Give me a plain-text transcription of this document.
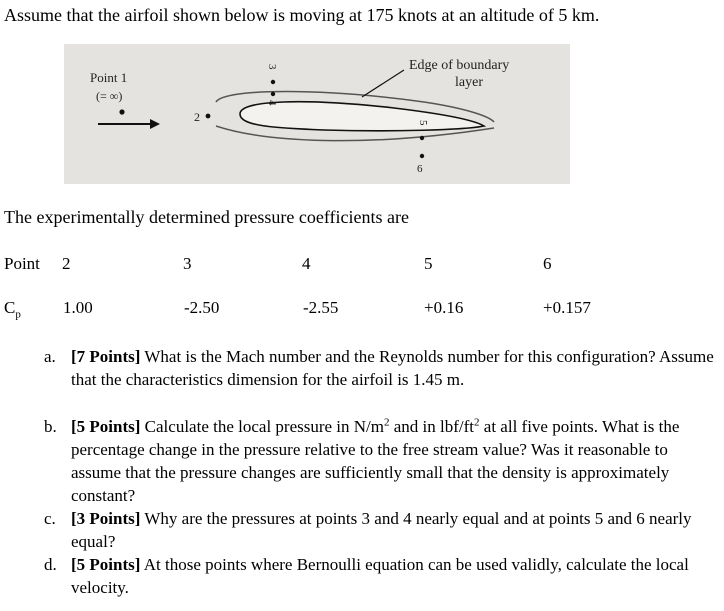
Assume that the airfoil shown below is moving at 175 knots at an altitude of 5 km.
Point 1
(= ∞)
2
3
4
5
6
Edge of boundary
layer
The experimentally determined pressure coefficients are
Point 2	3	4	5	6
$C_p$ 1.00	-2.50	-2.55	+0.16	+0.157
a. [7 Points] What is the Mach number and the Reynolds number for this configuration? Assume that the characteristics dimension for the airfoil is 1.45 m.
b. [5 Points] Calculate the local pressure in $N/m^2$ and in lbf/$ft^2$ at all five points. What is the percentage change in the pressure relative to the free stream value? Was it reasonable to assume that the pressure changes are sufficiently small that the density is approximately constant?
c. [3 Points] Why are the pressures at points 3 and 4 nearly equal and at points 5 and 6 nearly equal?
d. [5 Points] At those points where Bernoulli equation can be used validly, calculate the local velocity.
